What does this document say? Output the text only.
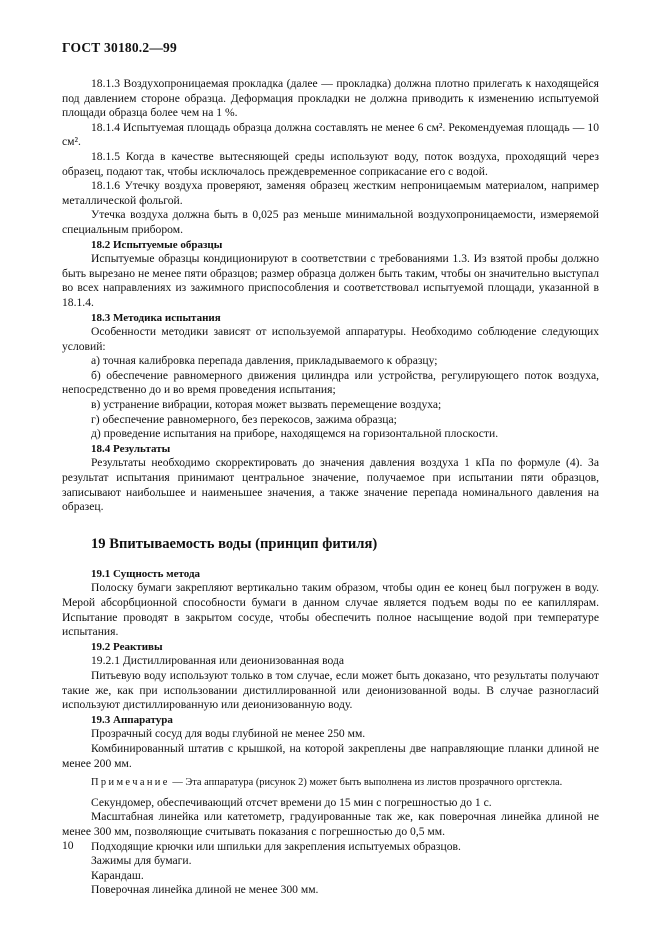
ГОСТ 30180.2—99

18.1.3 Воздухопроницаемая прокладка (далее — прокладка) должна плотно прилегать к находящейся под давлением стороне образца. Деформация прокладки не должна приводить к изменению испытуемой площади образца более чем на 1 %.

18.1.4 Испытуемая площадь образца должна составлять не менее 6 см². Рекомендуемая площадь — 10 см².

18.1.5 Когда в качестве вытесняющей среды используют воду, поток воздуха, проходящий через образец, подают так, чтобы исключалось преждевременное соприкасание его с водой.

18.1.6 Утечку воздуха проверяют, заменяя образец жестким непроницаемым материалом, например металлической фольгой.

Утечка воздуха должна быть в 0,025 раз меньше минимальной воздухопроницаемости, измеряемой специальным прибором.

18.2 Испытуемые образцы

Испытуемые образцы кондиционируют в соответствии с требованиями 1.3. Из взятой пробы должно быть вырезано не менее пяти образцов; размер образца должен быть таким, чтобы он значительно выступал во всех направлениях из зажимного приспособления и соответствовал испытуемой площади, указанной в 18.1.4.

18.3 Методика испытания

Особенности методики зависят от используемой аппаратуры. Необходимо соблюдение следующих условий:

а) точная калибровка перепада давления, прикладываемого к образцу;

б) обеспечение равномерного движения цилиндра или устройства, регулирующего поток воздуха, непосредственно до и во время проведения испытания;

в) устранение вибрации, которая может вызвать перемещение воздуха;

г) обеспечение равномерного, без перекосов, зажима образца;

д) проведение испытания на приборе, находящемся на горизонтальной плоскости.

18.4 Результаты

Результаты необходимо скорректировать до значения давления воздуха 1 кПа по формуле (4). За результат испытания принимают центральное значение, получаемое при испытании пяти образцов, записывают наибольшее и наименьшее значения, а также значение перепада номинального давления на образец.

19 Впитываемость воды (принцип фитиля)

19.1 Сущность метода

Полоску бумаги закрепляют вертикально таким образом, чтобы один ее конец был погружен в воду. Мерой абсорбционной способности бумаги в данном случае является подъем воды по ее капиллярам. Испытание проводят в закрытом сосуде, чтобы обеспечить полное насыщение водой при температуре испытания.

19.2 Реактивы

19.2.1 Дистиллированная или деионизованная вода

Питьевую воду используют только в том случае, если может быть доказано, что результаты получают такие же, как при использовании дистиллированной или деионизованной воды. В случае разногласий используют дистиллированную или деионизованную воду.

19.3 Аппаратура

Прозрачный сосуд для воды глубиной не менее 250 мм.

Комбинированный штатив с крышкой, на которой закреплены две направляющие планки длиной не менее 200 мм.

Примечание — Эта аппаратура (рисунок 2) может быть выполнена из листов прозрачного оргстекла.

Секундомер, обеспечивающий отсчет времени до 15 мин с погрешностью до 1 с.

Масштабная линейка или катетометр, градуированные так же, как поверочная линейка длиной не менее 300 мм, позволяющие считывать показания с погрешностью до 0,5 мм.

Подходящие крючки или шпильки для закрепления испытуемых образцов.

Зажимы для бумаги.

Карандаш.

Поверочная линейка длиной не менее 300 мм.

10
